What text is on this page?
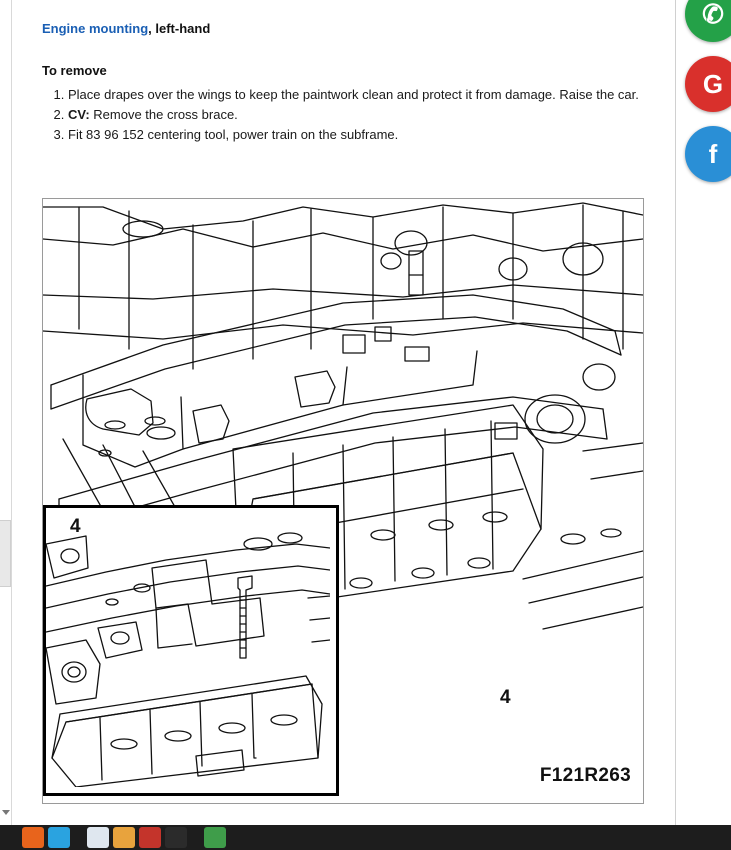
Engine mounting, left-hand
To remove
1. Place drapes over the wings to keep the paintwork clean and protect it from damage. Raise the car.
2. CV: Remove the cross brace.
3. Fit 83 96 152 centering tool, power train on the subframe.
4
4
F121R263
✆
G
f
